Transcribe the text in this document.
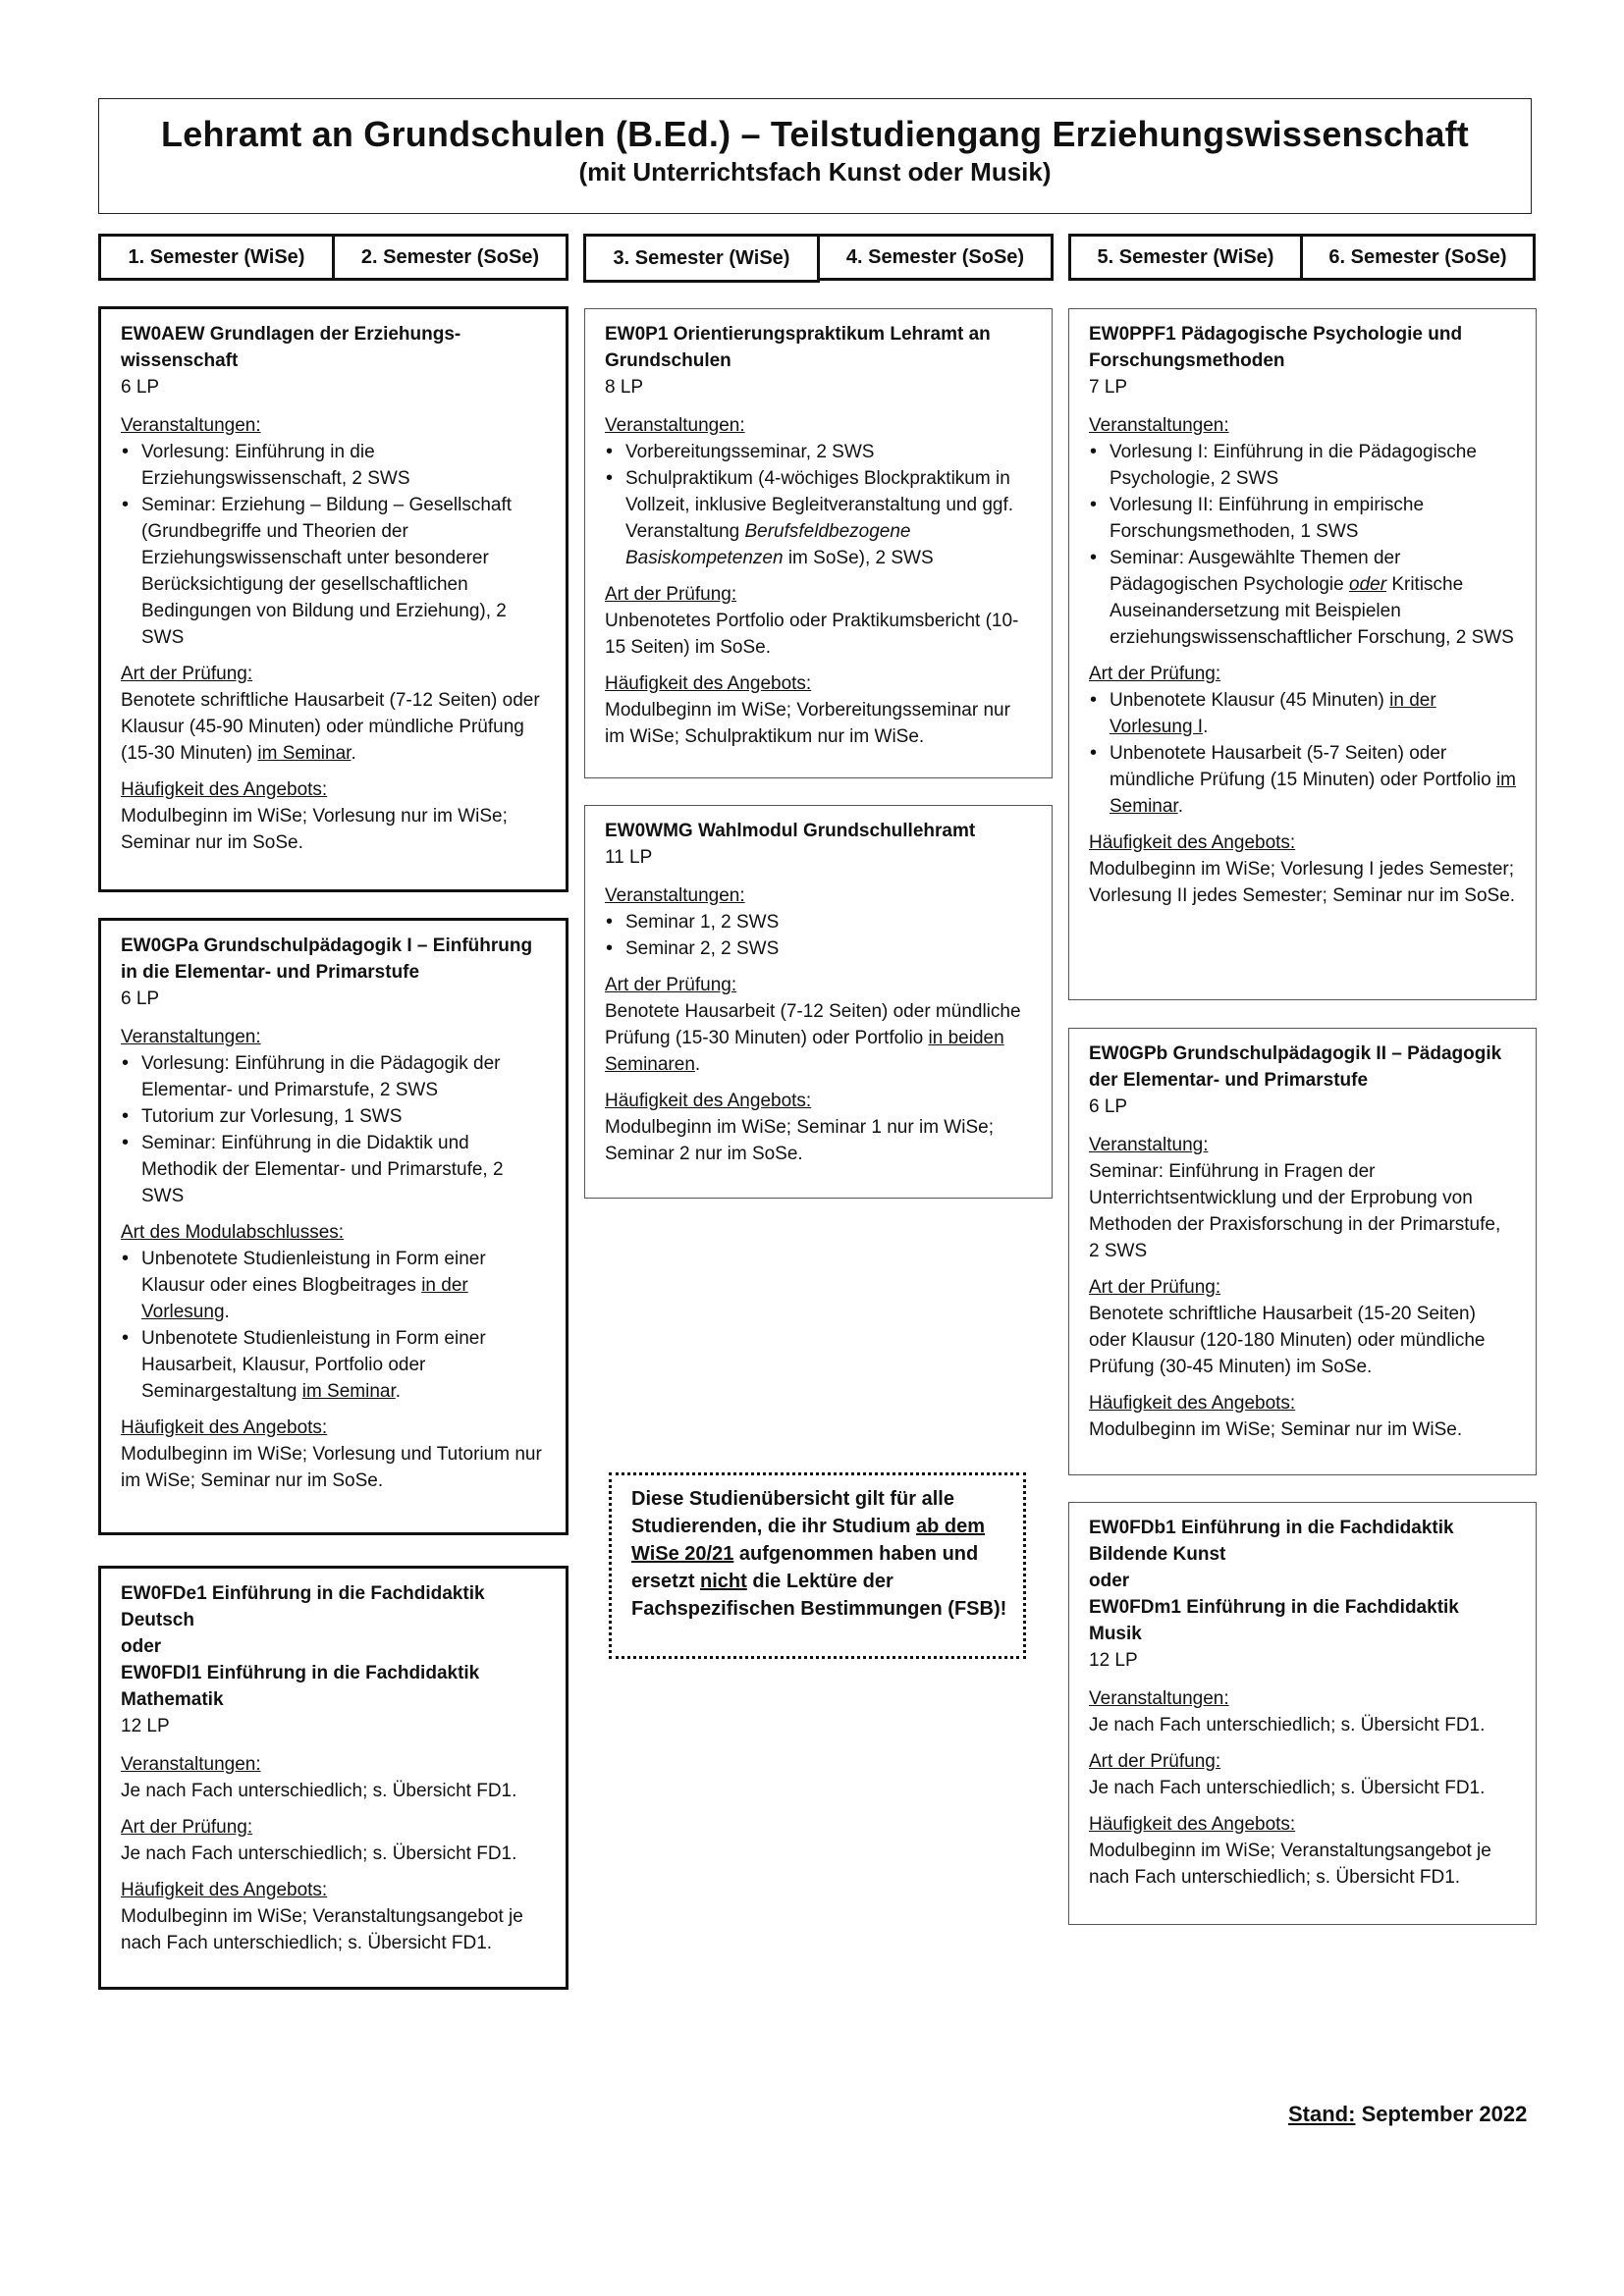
Lehramt an Grundschulen (B.Ed.) – Teilstudiengang Erziehungswissenschaft
(mit Unterrichtsfach Kunst oder Musik)
1. Semester (WiSe)	2. Semester (SoSe)	3. Semester (WiSe)	4. Semester (SoSe)	5. Semester (WiSe)	6. Semester (SoSe)
EW0AEW Grundlagen der Erziehungs-
wissenschaft
6 LP
Veranstaltungen:
• Vorlesung: Einführung in die Erziehungswissenschaft, 2 SWS
• Seminar: Erziehung – Bildung – Gesellschaft (Grundbegriffe und Theorien der Erziehungswissenschaft unter besonderer Berücksichtigung der gesellschaftlichen Bedingungen von Bildung und Erziehung), 2 SWS
Art der Prüfung:
Benotete schriftliche Hausarbeit (7-12 Seiten) oder Klausur (45-90 Minuten) oder mündliche Prüfung (15-30 Minuten) im Seminar.
Häufigkeit des Angebots:
Modulbeginn im WiSe; Vorlesung nur im WiSe; Seminar nur im SoSe.
EW0GPa Grundschulpädagogik I – Einführung
in die Elementar- und Primarstufe
6 LP
Veranstaltungen:
• Vorlesung: Einführung in die Pädagogik der Elementar- und Primarstufe, 2 SWS
• Tutorium zur Vorlesung, 1 SWS
• Seminar: Einführung in die Didaktik und Methodik der Elementar- und Primarstufe, 2 SWS
Art des Modulabschlusses:
• Unbenotete Studienleistung in Form einer Klausur oder eines Blogbeitrages in der Vorlesung.
• Unbenotete Studienleistung in Form einer Hausarbeit, Klausur, Portfolio oder Seminargestaltung im Seminar.
Häufigkeit des Angebots:
Modulbeginn im WiSe; Vorlesung und Tutorium nur im WiSe; Seminar nur im SoSe.
EW0FDe1 Einführung in die Fachdidaktik
Deutsch
oder
EW0FDl1 Einführung in die Fachdidaktik
Mathematik
12 LP
Veranstaltungen:
Je nach Fach unterschiedlich; s. Übersicht FD1.
Art der Prüfung:
Je nach Fach unterschiedlich; s. Übersicht FD1.
Häufigkeit des Angebots:
Modulbeginn im WiSe; Veranstaltungsangebot je nach Fach unterschiedlich; s. Übersicht FD1.
EW0P1 Orientierungspraktikum Lehramt an
Grundschulen
8 LP
Veranstaltungen:
• Vorbereitungsseminar, 2 SWS
• Schulpraktikum (4-wöchiges Blockpraktikum in Vollzeit, inklusive Begleitveranstaltung und ggf. Veranstaltung Berufsfeldbezogene Basiskompetenzen im SoSe), 2 SWS
Art der Prüfung:
Unbenotetes Portfolio oder Praktikumsbericht (10-15 Seiten) im SoSe.
Häufigkeit des Angebots:
Modulbeginn im WiSe; Vorbereitungsseminar nur im WiSe; Schulpraktikum nur im WiSe.
EW0WMG Wahlmodul Grundschullehramt
11 LP
Veranstaltungen:
• Seminar 1, 2 SWS
• Seminar 2, 2 SWS
Art der Prüfung:
Benotete Hausarbeit (7-12 Seiten) oder mündliche Prüfung (15-30 Minuten) oder Portfolio in beiden Seminaren.
Häufigkeit des Angebots:
Modulbeginn im WiSe; Seminar 1 nur im WiSe; Seminar 2 nur im SoSe.
Diese Studienübersicht gilt für alle Studierenden, die ihr Studium ab dem WiSe 20/21 aufgenommen haben und ersetzt nicht die Lektüre der Fachspezifischen Bestimmungen (FSB)!
EW0PPF1 Pädagogische Psychologie und
Forschungsmethoden
7 LP
Veranstaltungen:
• Vorlesung I: Einführung in die Pädagogische Psychologie, 2 SWS
• Vorlesung II: Einführung in empirische Forschungsmethoden, 1 SWS
• Seminar: Ausgewählte Themen der Pädagogischen Psychologie oder Kritische Auseinandersetzung mit Beispielen erziehungswissenschaftlicher Forschung, 2 SWS
Art der Prüfung:
• Unbenotete Klausur (45 Minuten) in der Vorlesung I.
• Unbenotete Hausarbeit (5-7 Seiten) oder mündliche Prüfung (15 Minuten) oder Portfolio im Seminar.
Häufigkeit des Angebots:
Modulbeginn im WiSe; Vorlesung I jedes Semester; Vorlesung II jedes Semester; Seminar nur im SoSe.
EW0GPb Grundschulpädagogik II – Pädagogik
der Elementar- und Primarstufe
6 LP
Veranstaltung:
Seminar: Einführung in Fragen der Unterrichtsentwicklung und der Erprobung von Methoden der Praxisforschung in der Primarstufe, 2 SWS
Art der Prüfung:
Benotete schriftliche Hausarbeit (15-20 Seiten) oder Klausur (120-180 Minuten) oder mündliche Prüfung (30-45 Minuten) im SoSe.
Häufigkeit des Angebots:
Modulbeginn im WiSe; Seminar nur im WiSe.
EW0FDb1 Einführung in die Fachdidaktik
Bildende Kunst
oder
EW0FDm1 Einführung in die Fachdidaktik
Musik
12 LP
Veranstaltungen:
Je nach Fach unterschiedlich; s. Übersicht FD1.
Art der Prüfung:
Je nach Fach unterschiedlich; s. Übersicht FD1.
Häufigkeit des Angebots:
Modulbeginn im WiSe; Veranstaltungsangebot je nach Fach unterschiedlich; s. Übersicht FD1.
Stand: September 2022
